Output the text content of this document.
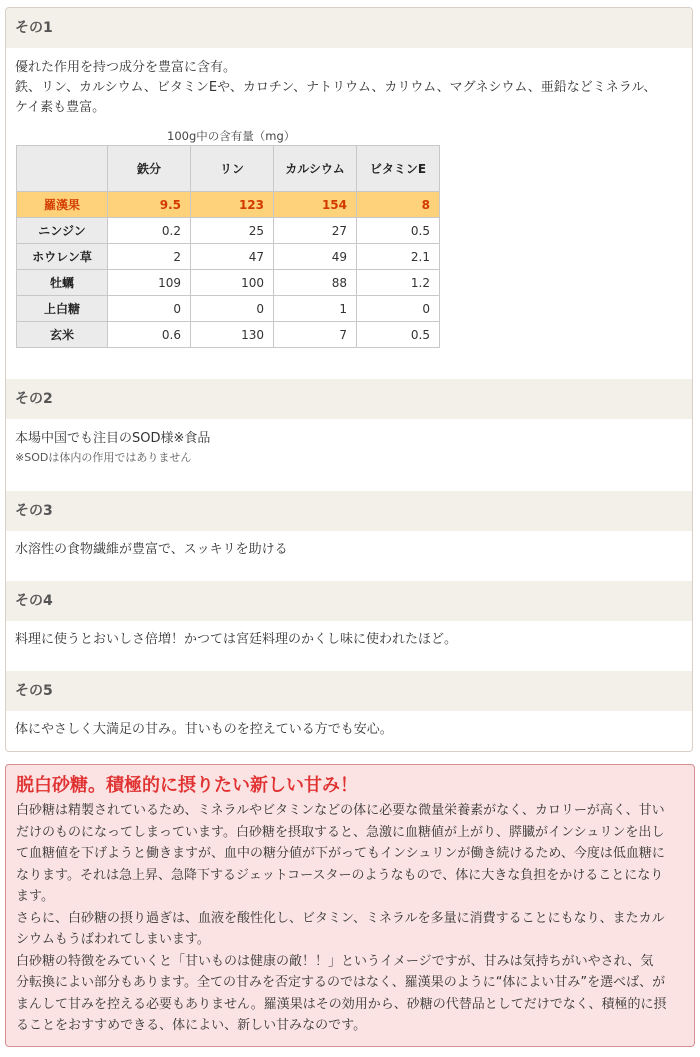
その1
優れた作用を持つ成分を豊富に含有。
鉄、リン、カルシウム、ビタミンEや、カロチン、ナトリウム、カリウム、マグネシウム、亜鉛などミネラル、
ケイ素も豊富。
100g中の含有量（mg）
	鉄分	リン	カルシウム	ビタミンE
羅漢果	9.5	123	154	8
ニンジン	0.2	25	27	0.5
ホウレン草	2	47	49	2.1
牡蠣	109	100	88	1.2
上白糖	0	0	1	0
玄米	0.6	130	7	0.5
その2
本場中国でも注目のSOD様※食品
※SODは体内の作用ではありません
その3
水溶性の食物繊維が豊富で、スッキリを助ける
その4
料理に使うとおいしさ倍増！かつては宮廷料理のかくし味に使われたほど。
その5
体にやさしく大満足の甘み。甘いものを控えている方でも安心。
脱白砂糖。積極的に摂りたい新しい甘み！
白砂糖は精製されているため、ミネラルやビタミンなどの体に必要な微量栄養素がなく、カロリーが高く、甘い
だけのものになってしまっています。白砂糖を摂取すると、急激に血糖値が上がり、膵臓がインシュリンを出し
て血糖値を下げようと働きますが、血中の糖分値が下がってもインシュリンが働き続けるため、今度は低血糖に
なります。それは急上昇、急降下するジェットコースターのようなもので、体に大きな負担をかけることになり
ます。
さらに、白砂糖の摂り過ぎは、血液を酸性化し、ビタミン、ミネラルを多量に消費することにもなり、またカル
シウムもうばわれてしまいます。
白砂糖の特徴をみていくと「甘いものは健康の敵！！」というイメージですが、甘みは気持ちがいやされ、気
分転換によい部分もあります。全ての甘みを否定するのではなく、羅漢果のように“体によい甘み”を選べば、が
まんして甘みを控える必要もありません。羅漢果はその効用から、砂糖の代替品としてだけでなく、積極的に摂
ることをおすすめできる、体によい、新しい甘みなのです。
